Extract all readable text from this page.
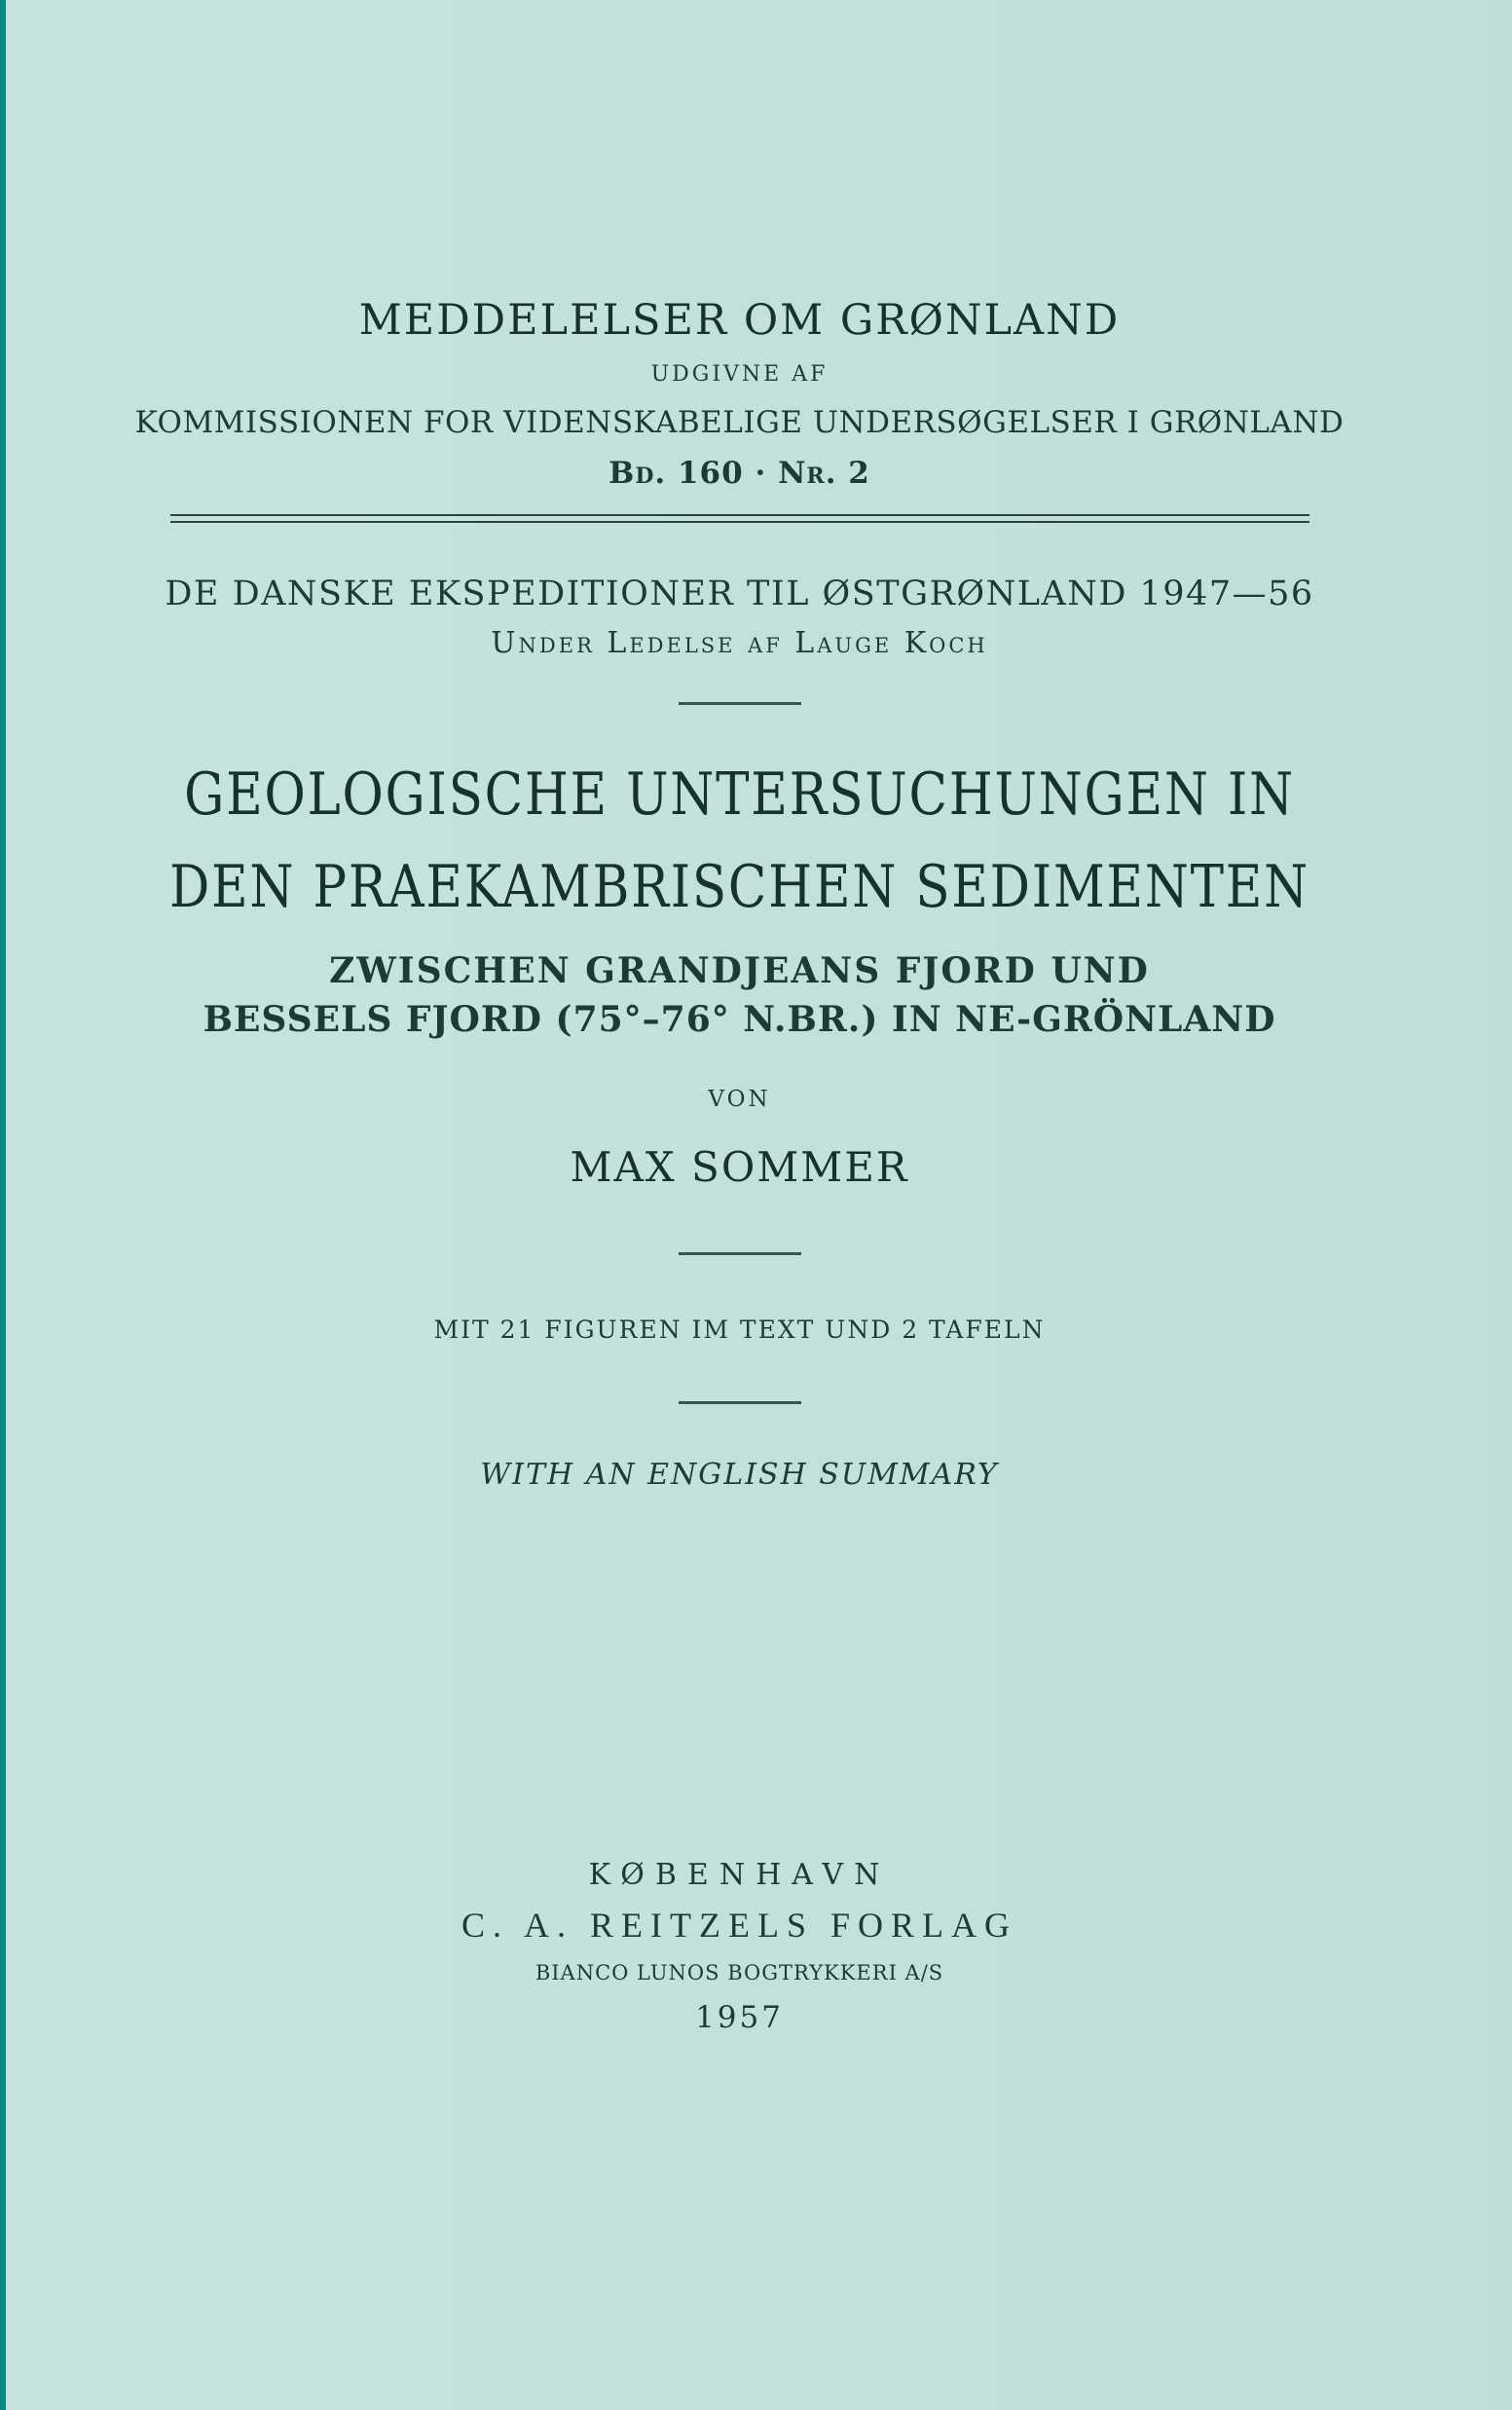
MEDDELELSER OM GRØNLAND
UDGIVNE AF
KOMMISSIONEN FOR VIDENSKABELIGE UNDERSØGELSER I GRØNLAND
Bd. 160 · Nr. 2
DE DANSKE EKSPEDITIONER TIL ØSTGRØNLAND 1947—56
Under Ledelse af Lauge Koch
GEOLOGISCHE UNTERSUCHUNGEN IN
DEN PRAEKAMBRISCHEN SEDIMENTEN
ZWISCHEN GRANDJEANS FJORD UND
BESSELS FJORD (75°–76° N.BR.) IN NE-GRÖNLAND
VON
MAX SOMMER
MIT 21 FIGUREN IM TEXT UND 2 TAFELN
WITH AN ENGLISH SUMMARY
KØBENHAVN
C. A. REITZELS FORLAG
BIANCO LUNOS BOGTRYKKERI A/S
1957
